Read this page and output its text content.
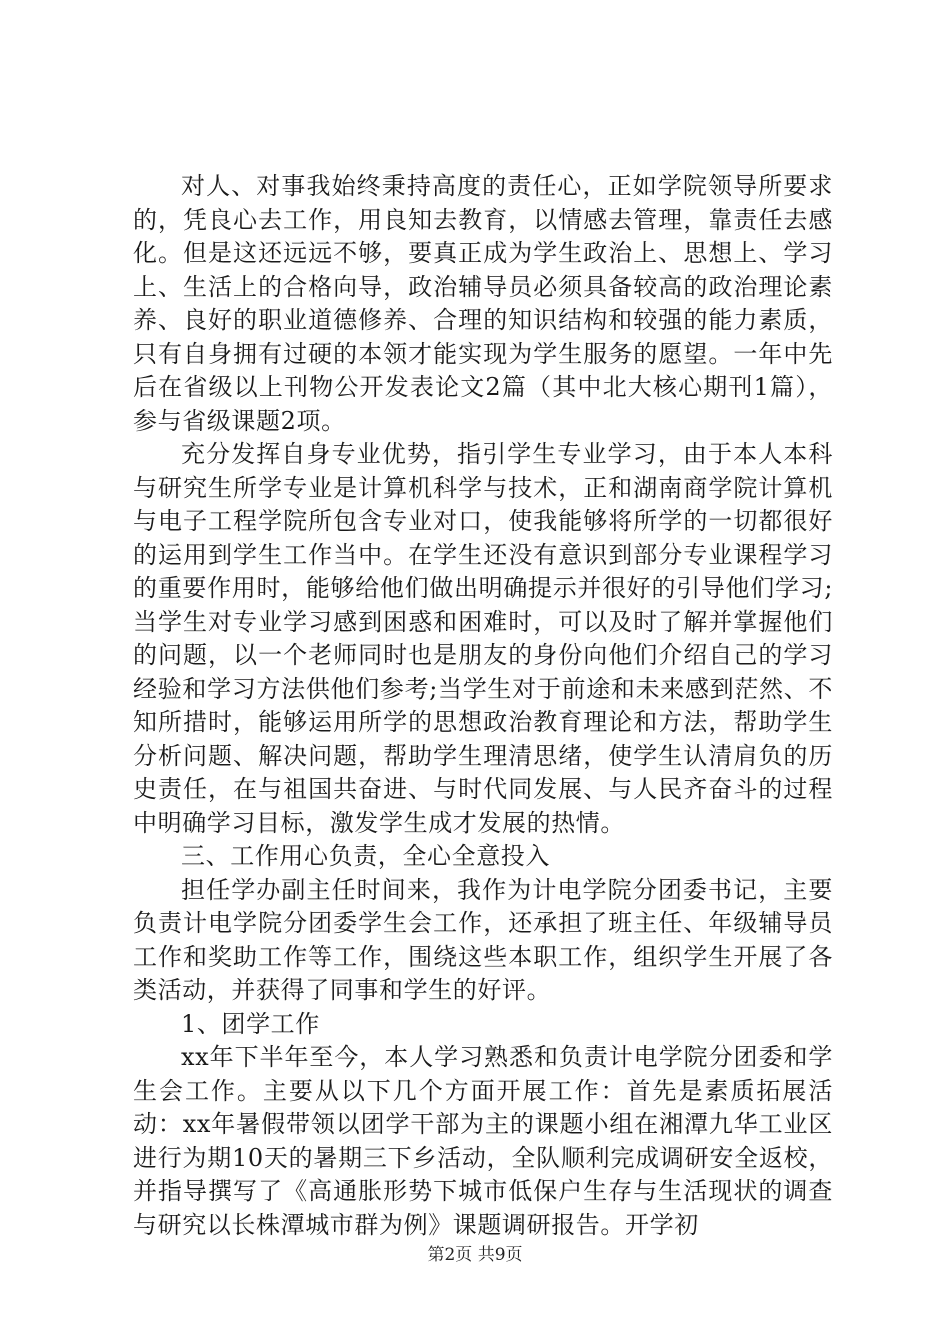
对人、对事我始终秉持高度的责任心，正如学院领导所要求的，凭良心去工作，用良知去教育，以情感去管理，靠责任去感化。但是这还远远不够，要真正成为学生政治上、思想上、学习上、生活上的合格向导，政治辅导员必须具备较高的政治理论素养、良好的职业道德修养、合理的知识结构和较强的能力素质，只有自身拥有过硬的本领才能实现为学生服务的愿望。一年中先后在省级以上刊物公开发表论文2篇（其中北大核心期刊1篇），参与省级课题2项。

充分发挥自身专业优势，指引学生专业学习，由于本人本科与研究生所学专业是计算机科学与技术，正和湖南商学院计算机与电子工程学院所包含专业对口，使我能够将所学的一切都很好的运用到学生工作当中。在学生还没有意识到部分专业课程学习的重要作用时，能够给他们做出明确提示并很好的引导他们学习;当学生对专业学习感到困惑和困难时，可以及时了解并掌握他们的问题，以一个老师同时也是朋友的身份向他们介绍自己的学习经验和学习方法供他们参考;当学生对于前途和未来感到茫然、不知所措时，能够运用所学的思想政治教育理论和方法，帮助学生分析问题、解决问题，帮助学生理清思绪，使学生认清肩负的历史责任，在与祖国共奋进、与时代同发展、与人民齐奋斗的过程中明确学习目标，激发学生成才发展的热情。

三、工作用心负责，全心全意投入

担任学办副主任时间来，我作为计电学院分团委书记，主要负责计电学院分团委学生会工作，还承担了班主任、年级辅导员工作和奖助工作等工作，围绕这些本职工作，组织学生开展了各类活动，并获得了同事和学生的好评。

1、团学工作

xx年下半年至今，本人学习熟悉和负责计电学院分团委和学生会工作。主要从以下几个方面开展工作：首先是素质拓展活动：xx年暑假带领以团学干部为主的课题小组在湘潭九华工业区进行为期10天的暑期三下乡活动，全队顺利完成调研安全返校，并指导撰写了《高通胀形势下城市低保户生存与生活现状的调查与研究以长株潭城市群为例》课题调研报告。开学初

第2页 共9页
